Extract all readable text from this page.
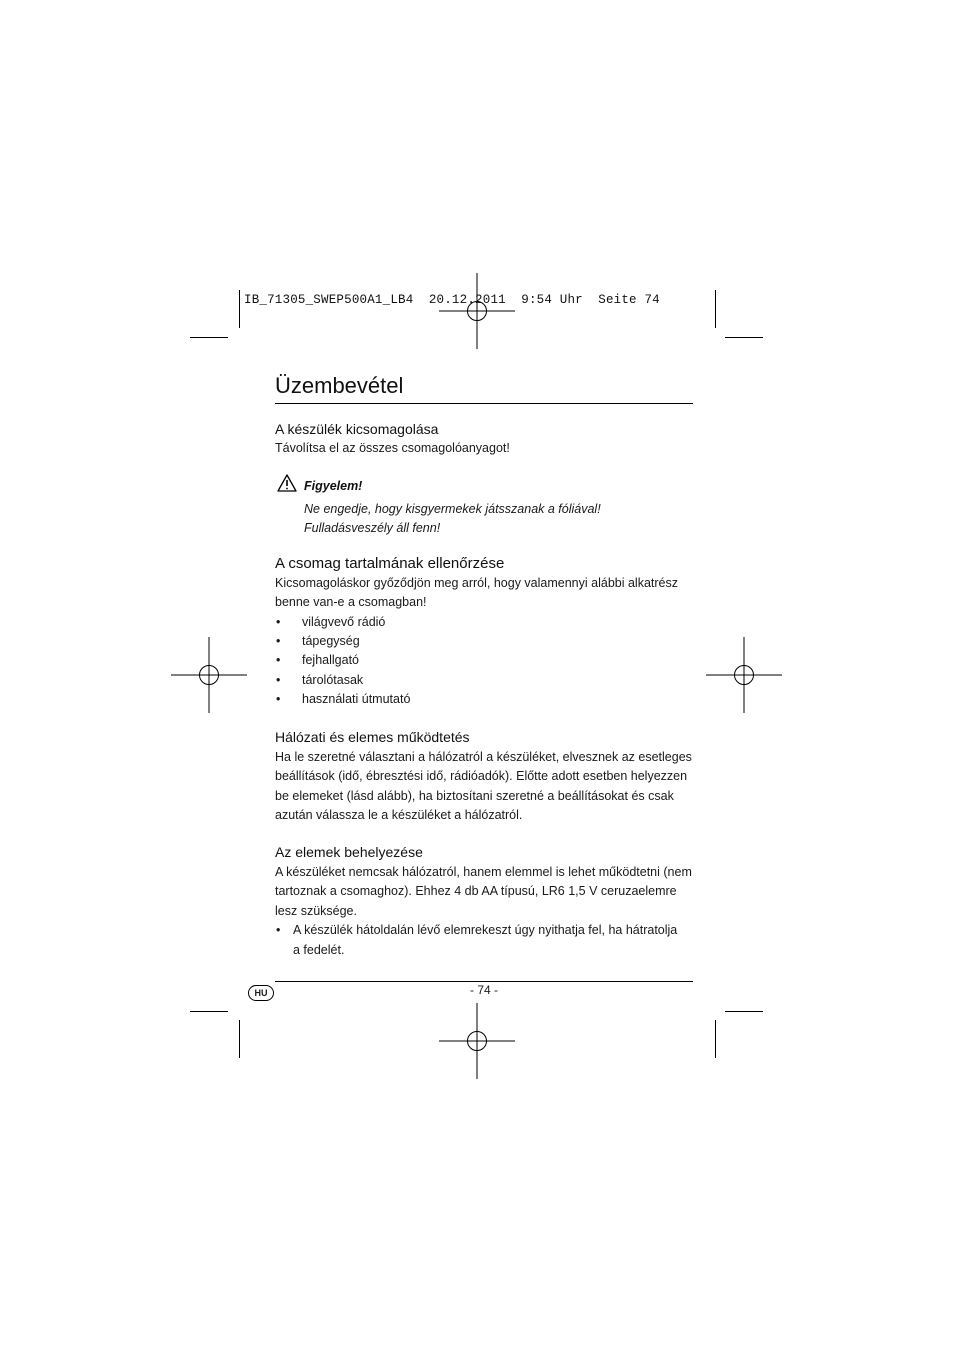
IB_71305_SWEP500A1_LB4  20.12.2011  9:54 Uhr  Seite 74
Üzembevétel
A készülék kicsomagolása

Távolítsa el az összes csomagolóanyagot!

Figyelem!
Ne engedje, hogy kisgyermekek játsszanak a fóliával!
Fulladásveszély áll fenn!
A csomag tartalmának ellenőrzése
Kicsomagoláskor győződjön meg arról, hogy valamennyi alábbi alkatrész
benne van-e a csomagban!
• világvevő rádió
• tápegység
• fejhallgató
• tárolótasak
• használati útmutató
Hálózati és elemes működtetés
Ha le szeretné választani a hálózatról a készüléket, elvesznek az esetleges
beállítások (idő, ébresztési idő, rádióadók). Előtte adott esetben helyezzen
be elemeket (lásd alább), ha biztosítani szeretné a beállításokat és csak
azután válassza le a készüléket a hálózatról.
Az elemek behelyezése
A készüléket nemcsak hálózatról, hanem elemmel is lehet működtetni (nem
tartoznak a csomaghoz). Ehhez 4 db AA típusú, LR6 1,5 V ceruzaelemre
lesz szüksége.
•	A készülék hátoldalán lévő elemrekeszt úgy nyithatja fel, ha hátratolja
a fedelét.
- 74 -
HU
